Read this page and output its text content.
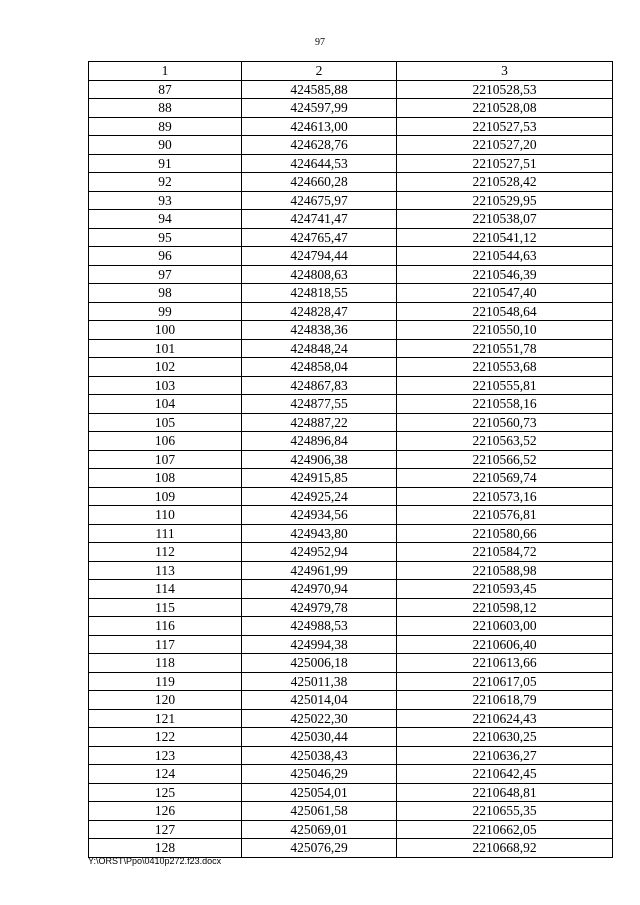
97
1	2	3
87	424585,88	2210528,53
88	424597,99	2210528,08
89	424613,00	2210527,53
90	424628,76	2210527,20
91	424644,53	2210527,51
92	424660,28	2210528,42
93	424675,97	2210529,95
94	424741,47	2210538,07
95	424765,47	2210541,12
96	424794,44	2210544,63
97	424808,63	2210546,39
98	424818,55	2210547,40
99	424828,47	2210548,64
100	424838,36	2210550,10
101	424848,24	2210551,78
102	424858,04	2210553,68
103	424867,83	2210555,81
104	424877,55	2210558,16
105	424887,22	2210560,73
106	424896,84	2210563,52
107	424906,38	2210566,52
108	424915,85	2210569,74
109	424925,24	2210573,16
110	424934,56	2210576,81
111	424943,80	2210580,66
112	424952,94	2210584,72
113	424961,99	2210588,98
114	424970,94	2210593,45
115	424979,78	2210598,12
116	424988,53	2210603,00
117	424994,38	2210606,40
118	425006,18	2210613,66
119	425011,38	2210617,05
120	425014,04	2210618,79
121	425022,30	2210624,43
122	425030,44	2210630,25
123	425038,43	2210636,27
124	425046,29	2210642,45
125	425054,01	2210648,81
126	425061,58	2210655,35
127	425069,01	2210662,05
128	425076,29	2210668,92
Y:\ORST\Ppo\0410p272.f23.docx
